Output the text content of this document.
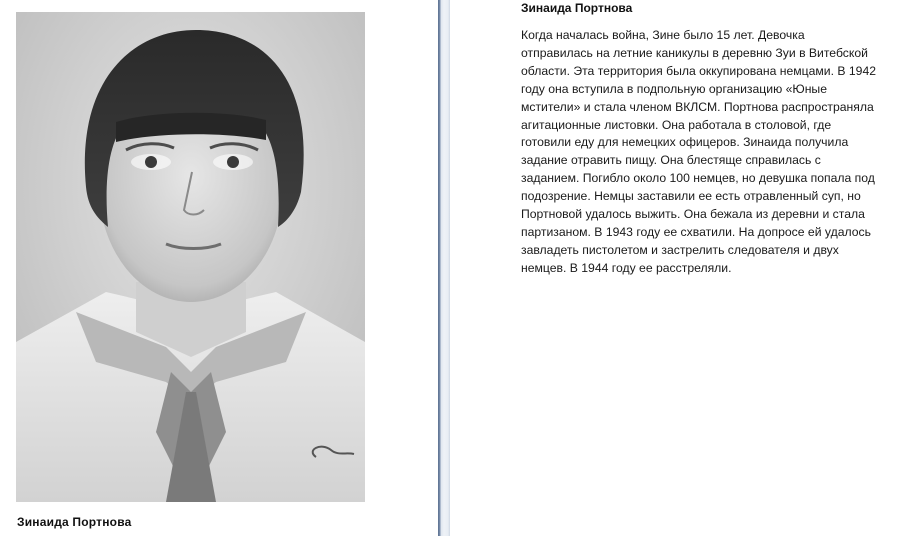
Зинаида Портнова
Зинаида Портнова

Когда началась война, Зине было 15 лет. Девочка
отправилась на летние каникулы в деревню Зуи в Витебской
области. Эта территория была оккупирована немцами. В 1942
году она вступила в подпольную организацию «Юные
мстители» и стала членом ВКЛСМ. Портнова распространяла
агитационные листовки. Она работала в столовой, где
готовили еду для немецких офицеров. Зинаида получила
задание отравить пищу. Она блестяще справилась с
заданием. Погибло около 100 немцев, но девушка попала под
подозрение. Немцы заставили ее есть отравленный суп, но
Портновой удалось выжить. Она бежала из деревни и стала
партизаном. В 1943 году ее схватили. На допросе ей удалось
завладеть пистолетом и застрелить следователя и двух
немцев. В 1944 году ее расстреляли.
